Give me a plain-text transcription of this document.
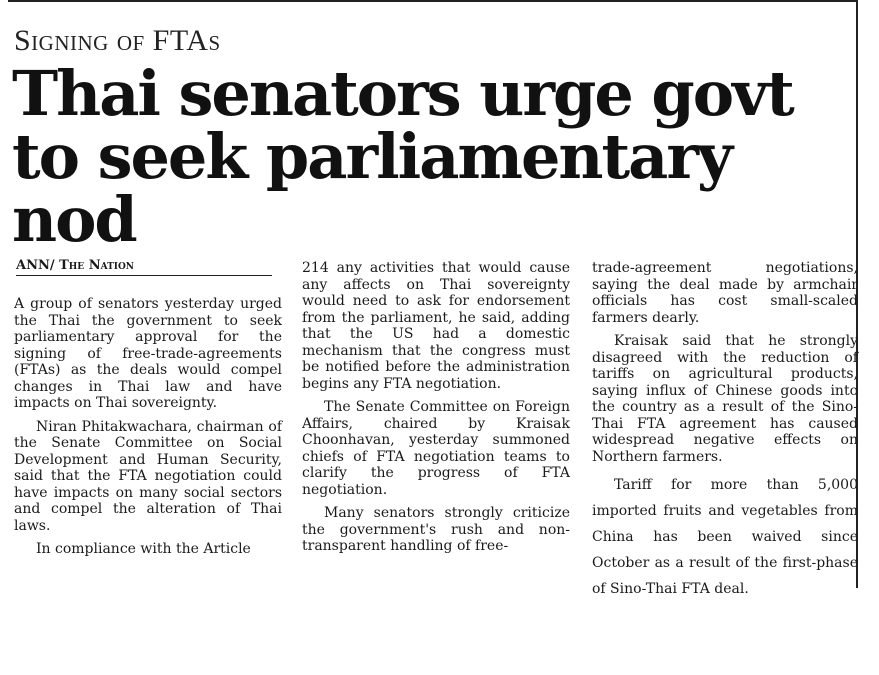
Signing of FTAs
Thai senators urge govt to seek parliamentary nod
ANN/ The Nation

A group of senators yesterday urged the Thai the government to seek parliamentary approval for the signing of free-trade-agreements (FTAs) as the deals would compel changes in Thai law and have impacts on Thai sovereignty.

Niran Phitakwachara, chairman of the Senate Committee on Social Development and Human Security, said that the FTA negotiation could have impacts on many social sectors and compel the alteration of Thai laws.

In compliance with the Article

214 any activities that would cause any affects on Thai sovereignty would need to ask for endorsement from the parliament, he said, adding that the US had a domestic mechanism that the congress must be notified before the administration begins any FTA negotiation.

The Senate Committee on Foreign Affairs, chaired by Kraisak Choonhavan, yesterday summoned chiefs of FTA negotiation teams to clarify the progress of FTA negotiation.

Many senators strongly criticize the government's rush and non-transparent handling of free-

trade-agreement negotiations, saying the deal made by armchair officials has cost small-scaled farmers dearly.

Kraisak said that he strongly disagreed with the reduction of tariffs on agricultural products, saying influx of Chinese goods into the country as a result of the Sino-Thai FTA agreement has caused widespread negative effects on Northern farmers.

Tariff for more than 5,000 imported fruits and vegetables from China has been waived since October as a result of the first-phase of Sino-Thai FTA deal.
